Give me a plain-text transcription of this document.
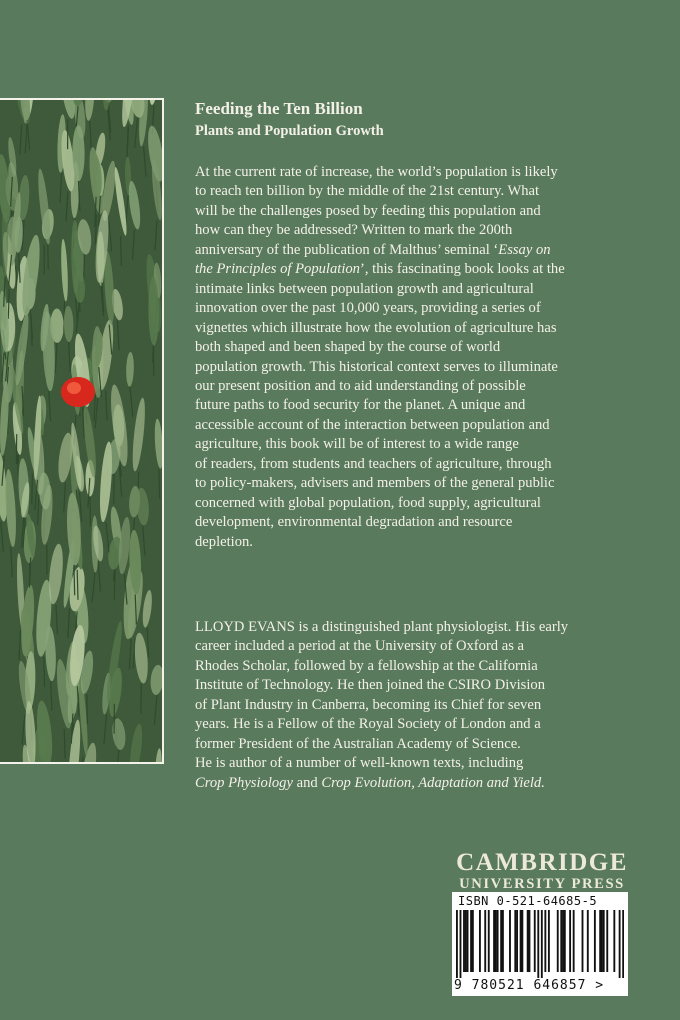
Feeding the Ten Billion
Plants and Population Growth
At the current rate of increase, the world’s population is likely
to reach ten billion by the middle of the 21st century. What
will be the challenges posed by feeding this population and
how can they be addressed? Written to mark the 200th
anniversary of the publication of Malthus’ seminal ‘Essay on
the Principles of Population’, this fascinating book looks at the
intimate links between population growth and agricultural
innovation over the past 10,000 years, providing a series of
vignettes which illustrate how the evolution of agriculture has
both shaped and been shaped by the course of world
population growth. This historical context serves to illuminate
our present position and to aid understanding of possible
future paths to food security for the planet. A unique and
accessible account of the interaction between population and
agriculture, this book will be of interest to a wide range
of readers, from students and teachers of agriculture, through
to policy-makers, advisers and members of the general public
concerned with global population, food supply, agricultural
development, environmental degradation and resource
depletion.
LLOYD EVANS is a distinguished plant physiologist. His early
career included a period at the University of Oxford as a
Rhodes Scholar, followed by a fellowship at the California
Institute of Technology. He then joined the CSIRO Division
of Plant Industry in Canberra, becoming its Chief for seven
years. He is a Fellow of the Royal Society of London and a
former President of the Australian Academy of Science.
He is author of a number of well-known texts, including
Crop Physiology and Crop Evolution, Adaptation and Yield.
CAMBRIDGE
UNIVERSITY PRESS
ISBN 0-521-64685-5
9 780521 646857 >
